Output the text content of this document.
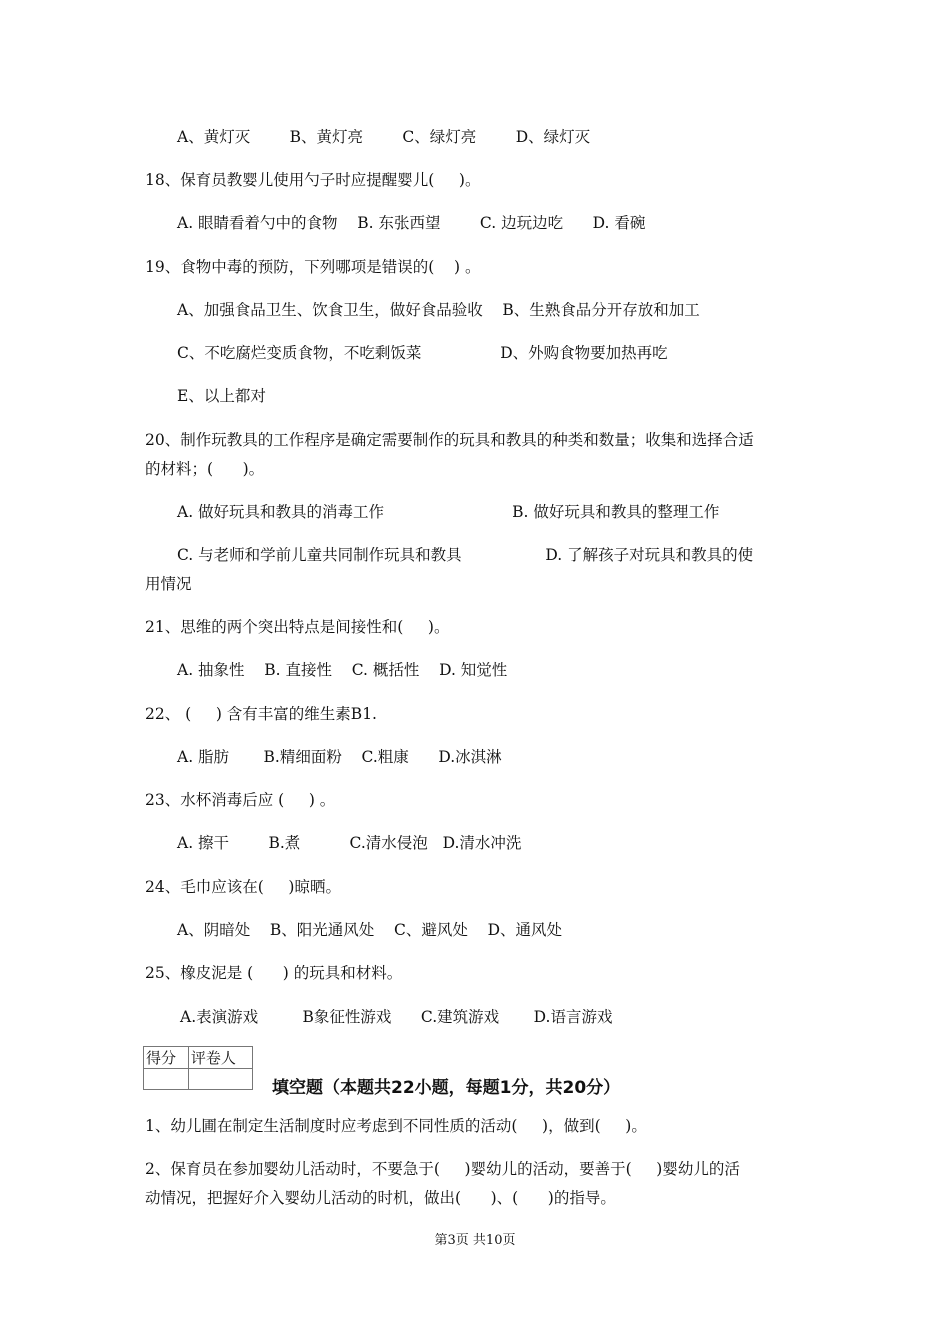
A、黄灯灭        B、黄灯亮        C、绿灯亮        D、绿灯灭

18、保育员教婴儿使用勺子时应提醒婴儿(     )。

A. 眼睛看着勺中的食物    B. 东张西望        C. 边玩边吃      D. 看碗

19、食物中毒的预防，下列哪项是错误的(    ) 。

A、加强食品卫生、饮食卫生，做好食品验收    B、生熟食品分开存放和加工

C、不吃腐烂变质食物，不吃剩饭菜                D、外购食物要加热再吃

E、以上都对

20、制作玩教具的工作程序是确定需要制作的玩具和教具的种类和数量；收集和选择合适

的材料；(      )。

A. 做好玩具和教具的消毒工作                          B. 做好玩具和教具的整理工作

C. 与老师和学前儿童共同制作玩具和教具                 D. 了解孩子对玩具和教具的使

用情况

21、思维的两个突出特点是间接性和(     )。

A. 抽象性    B. 直接性    C. 概括性    D. 知觉性

22、 (     ) 含有丰富的维生素B1.

A. 脂肪       B.精细面粉    C.粗康      D.冰淇淋

23、水杯消毒后应 (     ) 。

A. 擦干        B.煮          C.清水侵泡   D.清水冲洗

24、毛巾应该在(     )晾晒。

A、阴暗处    B、阳光通风处    C、避风处    D、通风处

25、橡皮泥是 (      ) 的玩具和材料。

A.表演游戏         B象征性游戏      C.建筑游戏       D.语言游戏

1、幼儿圃在制定生活制度时应考虑到不同性质的活动(     )，做到(     )。

2、保育员在参加婴幼儿活动时，不要急于(     )婴幼儿的活动，要善于(     )婴幼儿的活

动情况，把握好介入婴幼儿活动的时机，做出(      )、(      )的指导。

得分	评卷人

填空题（本题共22小题，每题1分，共20分）
第3页 共10页
